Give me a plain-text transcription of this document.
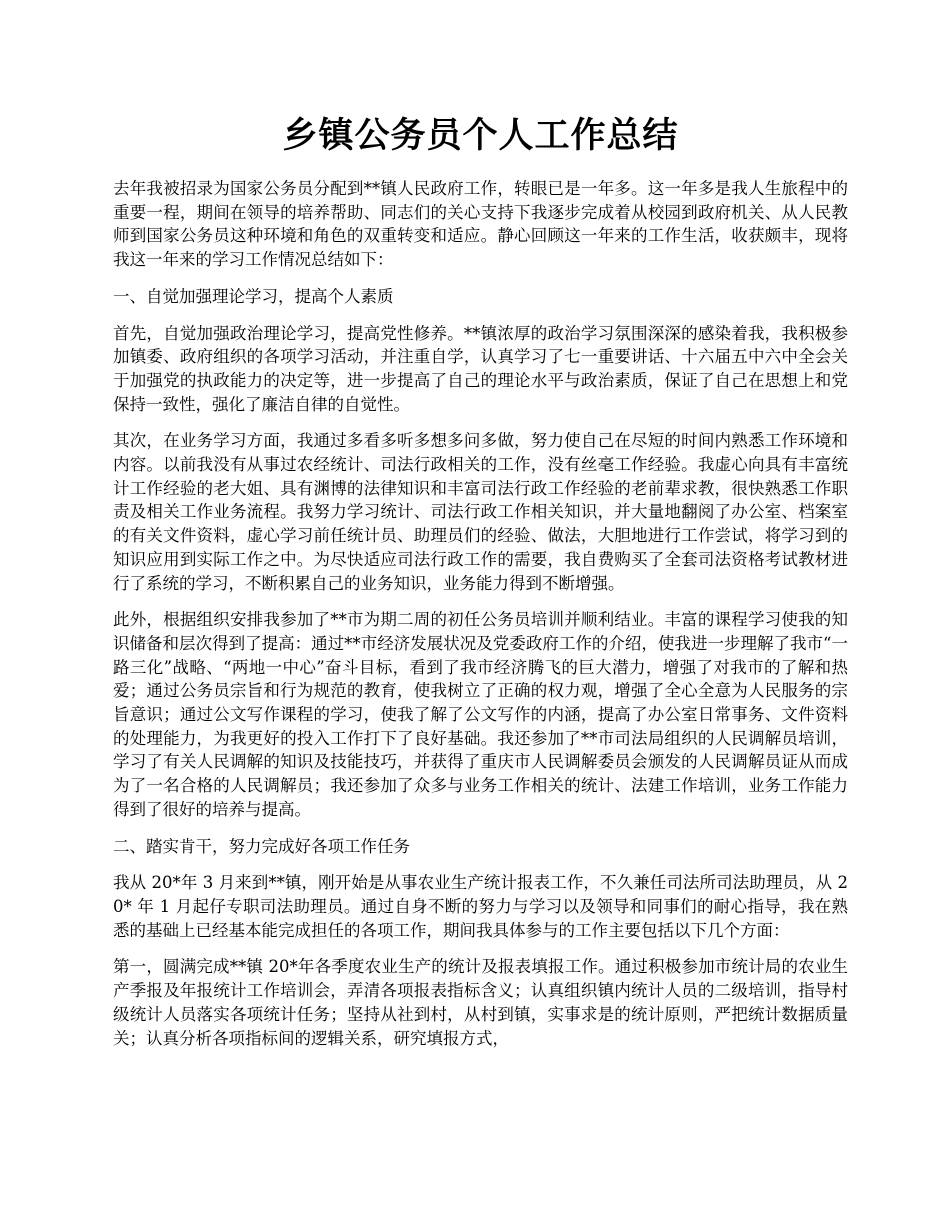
乡镇公务员个人工作总结

去年我被招录为国家公务员分配到**镇人民政府工作，转眼已是一年多。这一年多是我人生旅程中的重要一程，期间在领导的培养帮助、同志们的关心支持下我逐步完成着从校园到政府机关、从人民教师到国家公务员这种环境和角色的双重转变和适应。静心回顾这一年来的工作生活，收获颇丰，现将我这一年来的学习工作情况总结如下：

一、自觉加强理论学习，提高个人素质

首先，自觉加强政治理论学习，提高党性修养。**镇浓厚的政治学习氛围深深的感染着我，我积极参加镇委、政府组织的各项学习活动，并注重自学，认真学习了七一重要讲话、十六届五中六中全会关于加强党的执政能力的决定等，进一步提高了自己的理论水平与政治素质，保证了自己在思想上和党保持一致性，强化了廉洁自律的自觉性。

其次，在业务学习方面，我通过多看多听多想多问多做，努力使自己在尽短的时间内熟悉工作环境和内容。以前我没有从事过农经统计、司法行政相关的工作，没有丝毫工作经验。我虚心向具有丰富统计工作经验的老大姐、具有渊博的法律知识和丰富司法行政工作经验的老前辈求教，很快熟悉工作职责及相关工作业务流程。我努力学习统计、司法行政工作相关知识，并大量地翻阅了办公室、档案室的有关文件资料，虚心学习前任统计员、助理员们的经验、做法，大胆地进行工作尝试，将学习到的知识应用到实际工作之中。为尽快适应司法行政工作的需要，我自费购买了全套司法资格考试教材进行了系统的学习，不断积累自己的业务知识，业务能力得到不断增强。

此外，根据组织安排我参加了**市为期二周的初任公务员培训并顺利结业。丰富的课程学习使我的知识储备和层次得到了提高：通过**市经济发展状况及党委政府工作的介绍，使我进一步理解了我市“一路三化”战略、“两地一中心”奋斗目标，看到了我市经济腾飞的巨大潜力，增强了对我市的了解和热爱；通过公务员宗旨和行为规范的教育，使我树立了正确的权力观，增强了全心全意为人民服务的宗旨意识；通过公文写作课程的学习，使我了解了公文写作的内涵，提高了办公室日常事务、文件资料的处理能力，为我更好的投入工作打下了良好基础。我还参加了**市司法局组织的人民调解员培训，学习了有关人民调解的知识及技能技巧，并获得了重庆市人民调解委员会颁发的人民调解员证从而成为了一名合格的人民调解员；我还参加了众多与业务工作相关的统计、法建工作培训，业务工作能力得到了很好的培养与提高。

二、踏实肯干，努力完成好各项工作任务

我从 20*年 3 月来到**镇，刚开始是从事农业生产统计报表工作，不久兼任司法所司法助理员，从 20* 年 1 月起仔专职司法助理员。通过自身不断的努力与学习以及领导和同事们的耐心指导，我在熟悉的基础上已经基本能完成担任的各项工作，期间我具体参与的工作主要包括以下几个方面：

第一，圆满完成**镇 20*年各季度农业生产的统计及报表填报工作。通过积极参加市统计局的农业生产季报及年报统计工作培训会，弄清各项报表指标含义；认真组织镇内统计人员的二级培训，指导村级统计人员落实各项统计任务；坚持从社到村，从村到镇，实事求是的统计原则，严把统计数据质量关；认真分析各项指标间的逻辑关系，研究填报方式，
